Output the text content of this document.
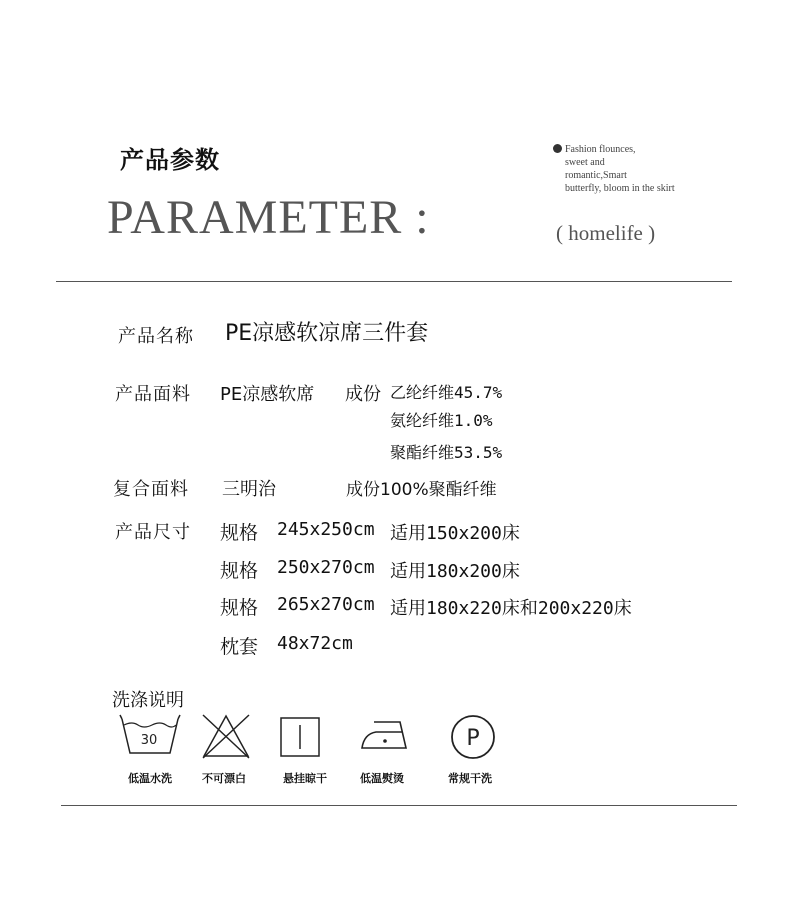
产品参数
PARAMETER :
Fashion flounces,
sweet and
romantic,Smart
butterfly, bloom in the skirt
( homelife )
产品名称 PE凉感软凉席三件套
产品面料 PE凉感软席 成份 乙纶纤维45.7%
氨纶纤维1.0%
聚酯纤维53.5%
复合面料 三明治	成份100%聚酯纤维
产品尺寸 规格 245x250cm 适用150x200床
规格 250x270cm 适用180x200床
规格 265x270cm 适用180x220床和200x220床
枕套 48x72cm
洗涤说明
30	P
低温水洗	不可漂白	悬挂晾干	低温熨烫	常规干洗
